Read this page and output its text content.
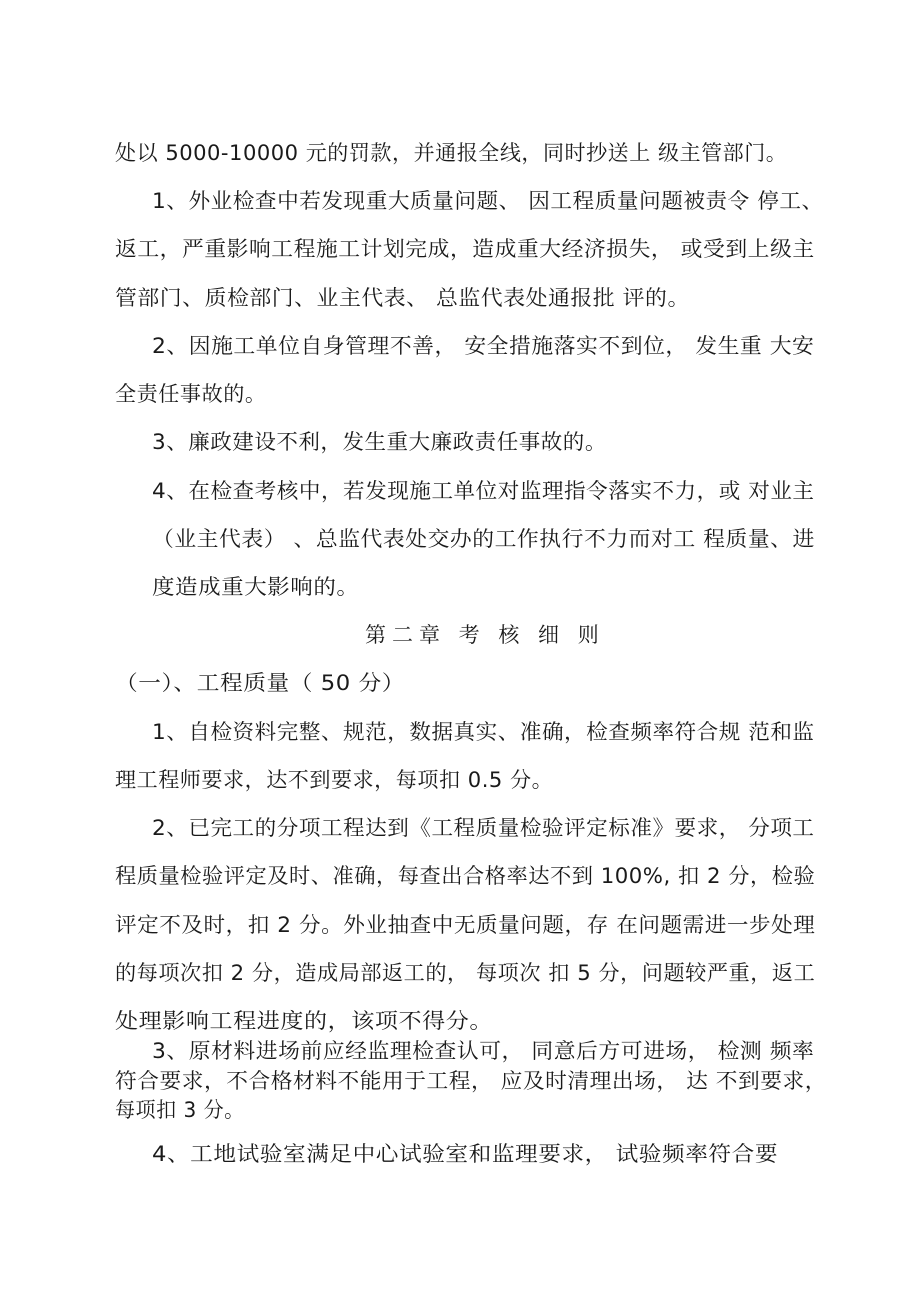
处以 5000-10000 元的罚款，并通报全线，同时抄送上 级主管部门。
1、外业检查中若发现重大质量问题、 因工程质量问题被责令 停工、
返工，严重影响工程施工计划完成，造成重大经济损失， 或受到上级主
管部门、质检部门、业主代表、 总监代表处通报批 评的。
2、因施工单位自身管理不善， 安全措施落实不到位， 发生重 大安
全责任事故的。
3、廉政建设不利，发生重大廉政责任事故的。
4、在检查考核中，若发现施工单位对监理指令落实不力，或 对业主
（业主代表） 、总监代表处交办的工作执行不力而对工 程质量、进
度造成重大影响的。
第二章 考 核 细 则
（一）、工程质量（ 50 分）
1、自检资料完整、规范，数据真实、准确，检查频率符合规 范和监
理工程师要求，达不到要求，每项扣 0.5 分。
2、已完工的分项工程达到《工程质量检验评定标准》要求， 分项工
程质量检验评定及时、准确，每查出合格率达不到 100%, 扣 2 分，检验
评定不及时，扣 2 分。外业抽查中无质量问题，存 在问题需进一步处理
的每项次扣 2 分，造成局部返工的， 每项次 扣 5 分，问题较严重，返工
处理影响工程进度的，该项不得分。
3、原材料进场前应经监理检查认可， 同意后方可进场， 检测 频率
符合要求，不合格材料不能用于工程， 应及时清理出场， 达 不到要求，
每项扣 3 分。
4、工地试验室满足中心试验室和监理要求， 试验频率符合要
